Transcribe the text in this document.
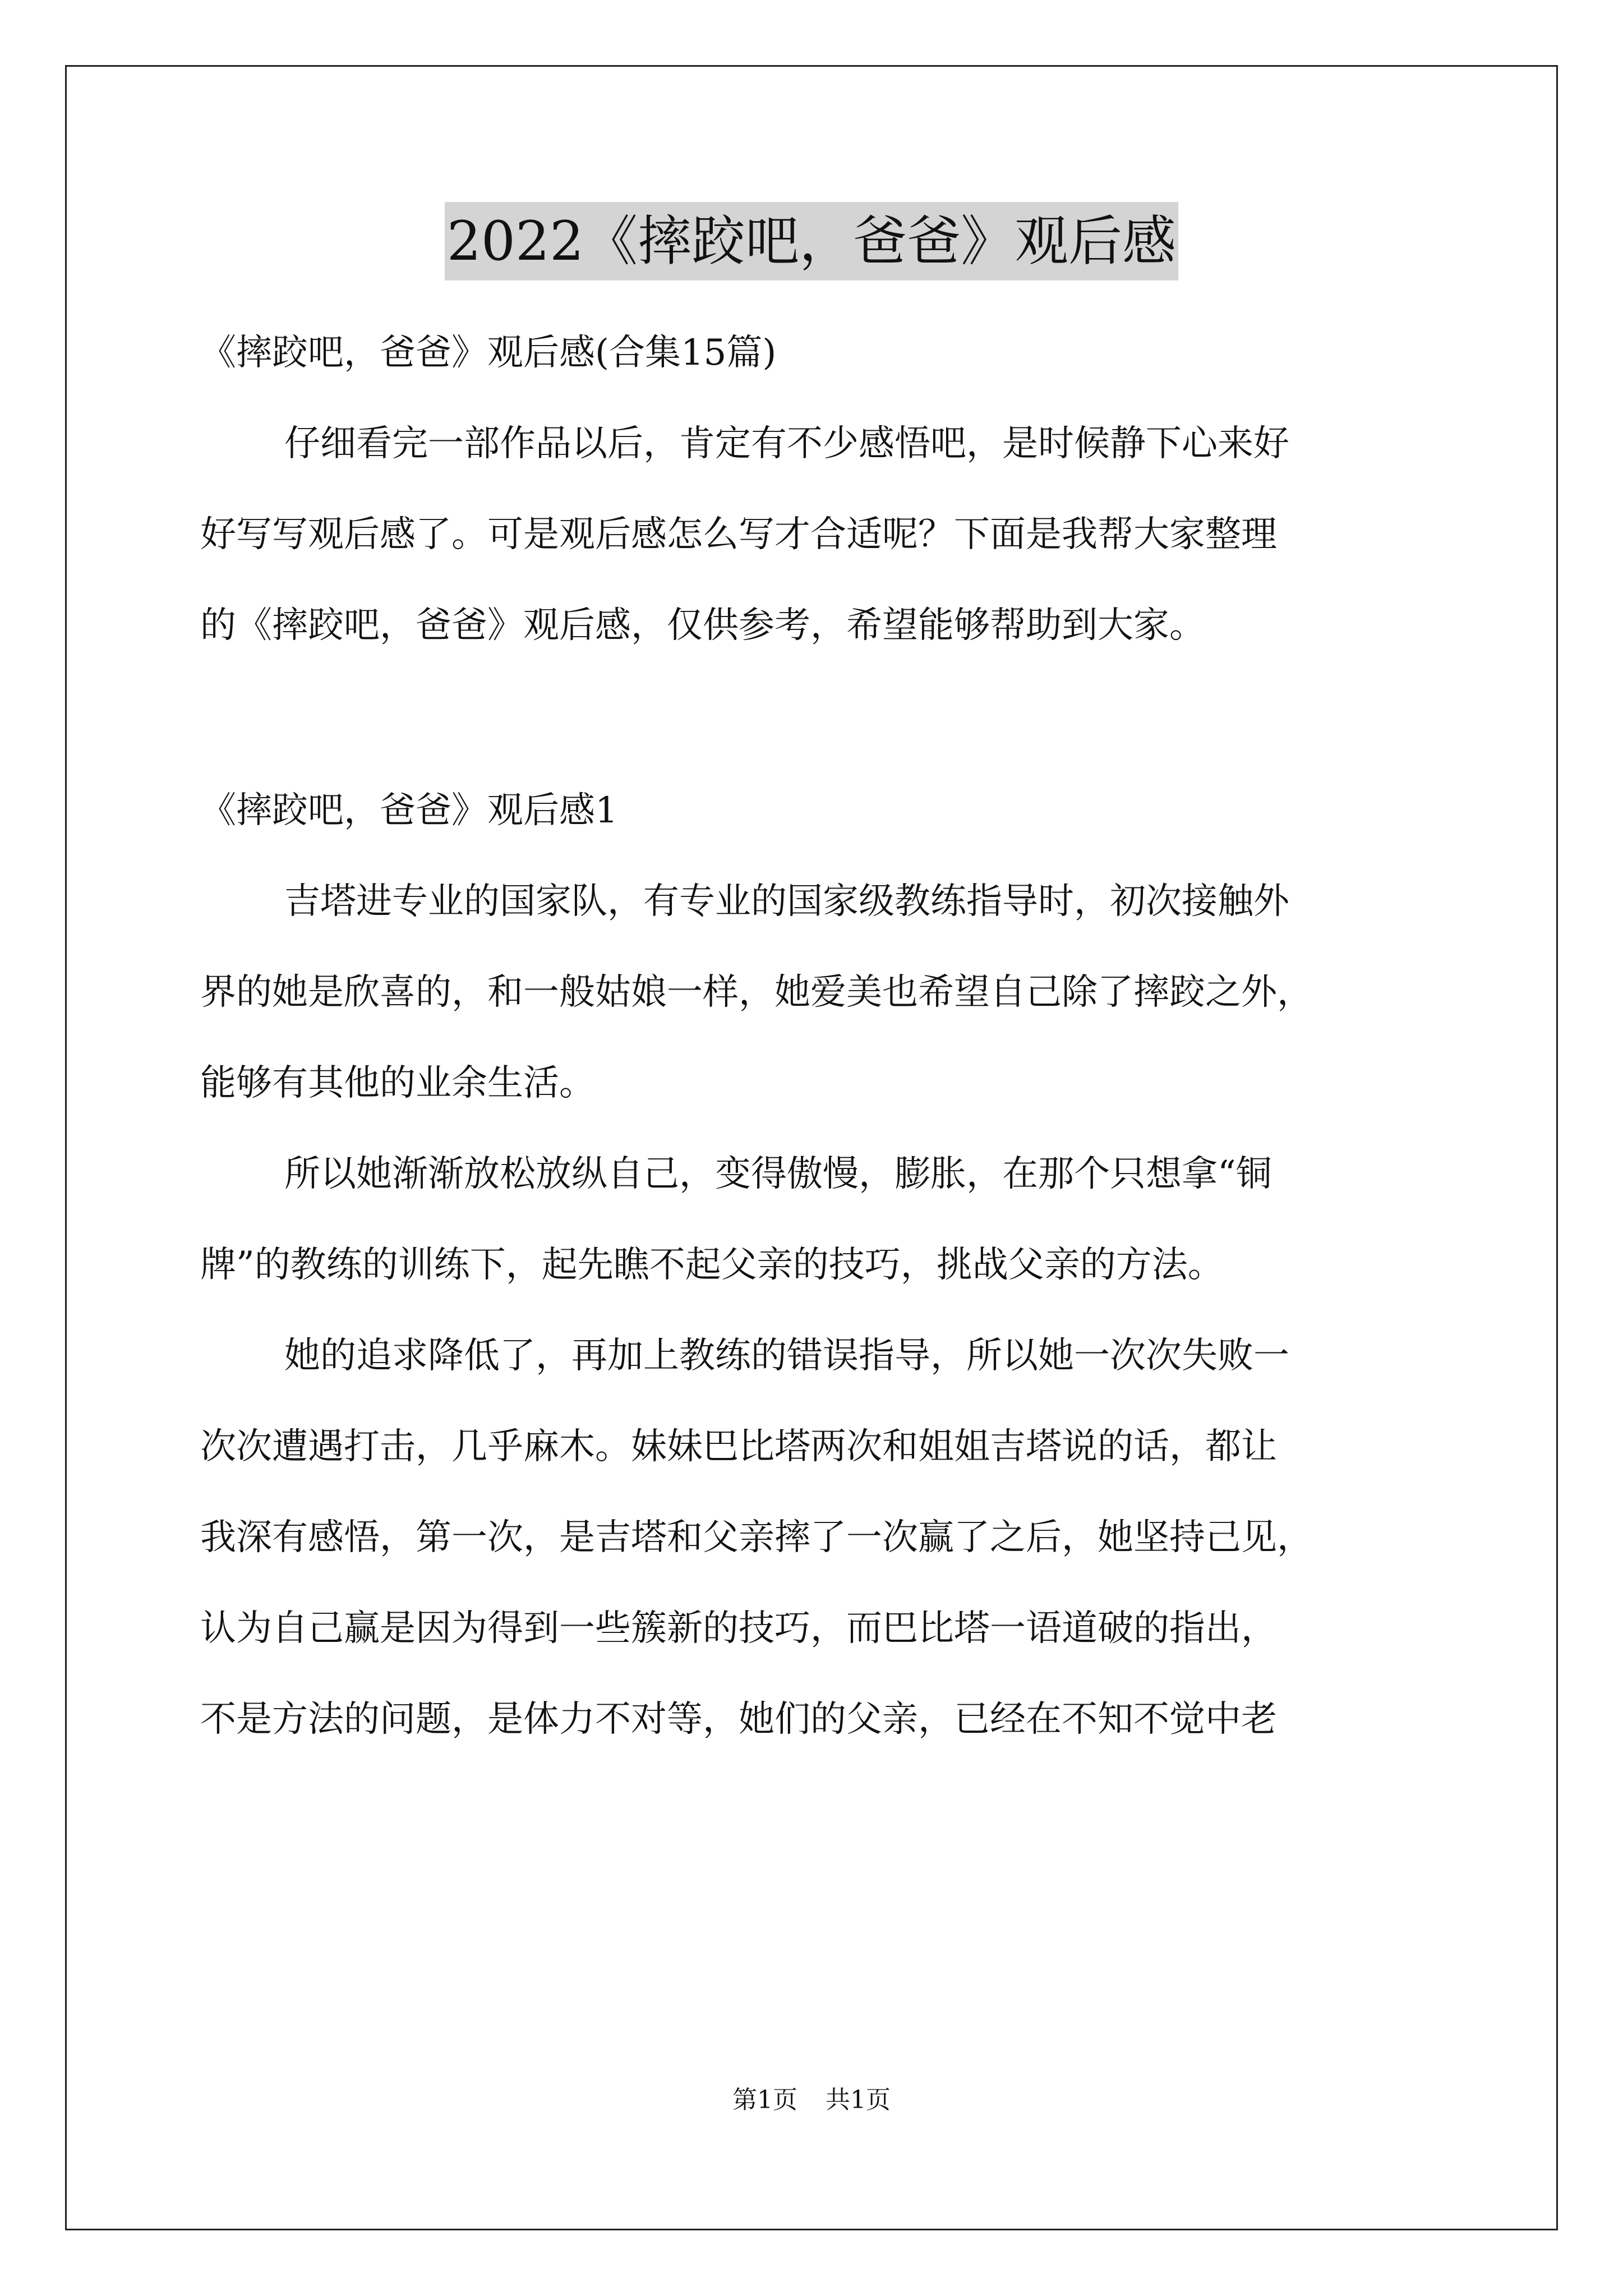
2022《摔跤吧，爸爸》观后感
《摔跤吧，爸爸》观后感(合集15篇)
仔细看完一部作品以后，肯定有不少感悟吧，是时候静下心来好
好写写观后感了。可是观后感怎么写才合适呢？下面是我帮大家整理
的《摔跤吧，爸爸》观后感，仅供参考，希望能够帮助到大家。
《摔跤吧，爸爸》观后感1
吉塔进专业的国家队，有专业的国家级教练指导时，初次接触外
界的她是欣喜的，和一般姑娘一样，她爱美也希望自己除了摔跤之外，
能够有其他的业余生活。
所以她渐渐放松放纵自己，变得傲慢，膨胀，在那个只想拿“铜
牌”的教练的训练下，起先瞧不起父亲的技巧，挑战父亲的方法。
她的追求降低了，再加上教练的错误指导，所以她一次次失败一
次次遭遇打击，几乎麻木。妹妹巴比塔两次和姐姐吉塔说的话，都让
我深有感悟，第一次，是吉塔和父亲摔了一次赢了之后，她坚持己见，
认为自己赢是因为得到一些簇新的技巧，而巴比塔一语道破的指出，
不是方法的问题，是体力不对等，她们的父亲，已经在不知不觉中老
第1页 共1页
